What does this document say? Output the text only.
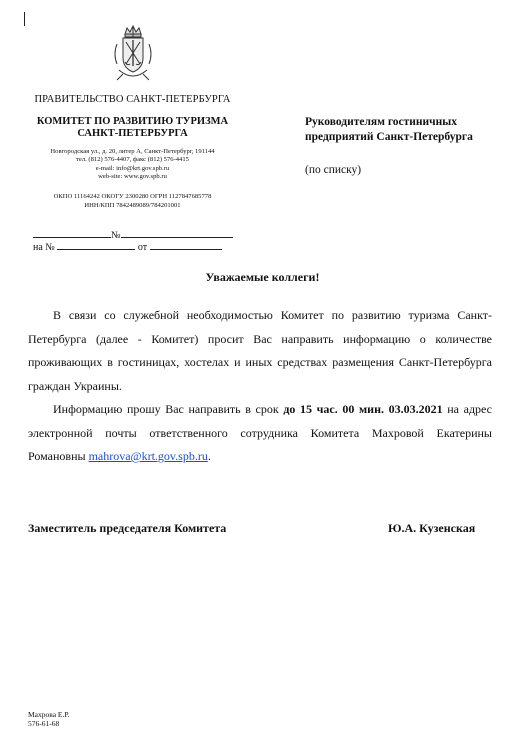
ПРАВИТЕЛЬСТВО САНКТ-ПЕТЕРБУРГА
КОМИТЕТ ПО РАЗВИТИЮ ТУРИЗМА
САНКТ-ПЕТЕРБУРГА
Новгородская ул., д. 20, литер А, Санкт-Петербург, 191144
тел. (812) 576-4407, факс (812) 576-4415
e-mail: info@krt.gov.spb.ru
web-site: www.gov.spb.ru
ОКПО 11164242 ОКОГУ 2300280 ОГРН 1127847685778
ИНН/КПП 7842489089/784201001
№
на №	от
Руководителям гостиничных
предприятий Санкт-Петербурга
(по списку)
Уважаемые коллеги!

В связи со служебной необходимостью Комитет по развитию туризма Санкт-Петербурга (далее - Комитет) просит Вас направить информацию о количестве проживающих в гостиницах, хостелах и иных средствах размещения Санкт-Петербурга граждан Украины.

Информацию прошу Вас направить в срок до 15 час. 00 мин. 03.03.2021 на адрес электронной почты ответственного сотрудника Комитета Махровой Екатерины Романовны mahrova@krt.gov.spb.ru.

Заместитель председателя Комитета	Ю.А. Кузенская
Махрова Е.Р.
576-61-68
